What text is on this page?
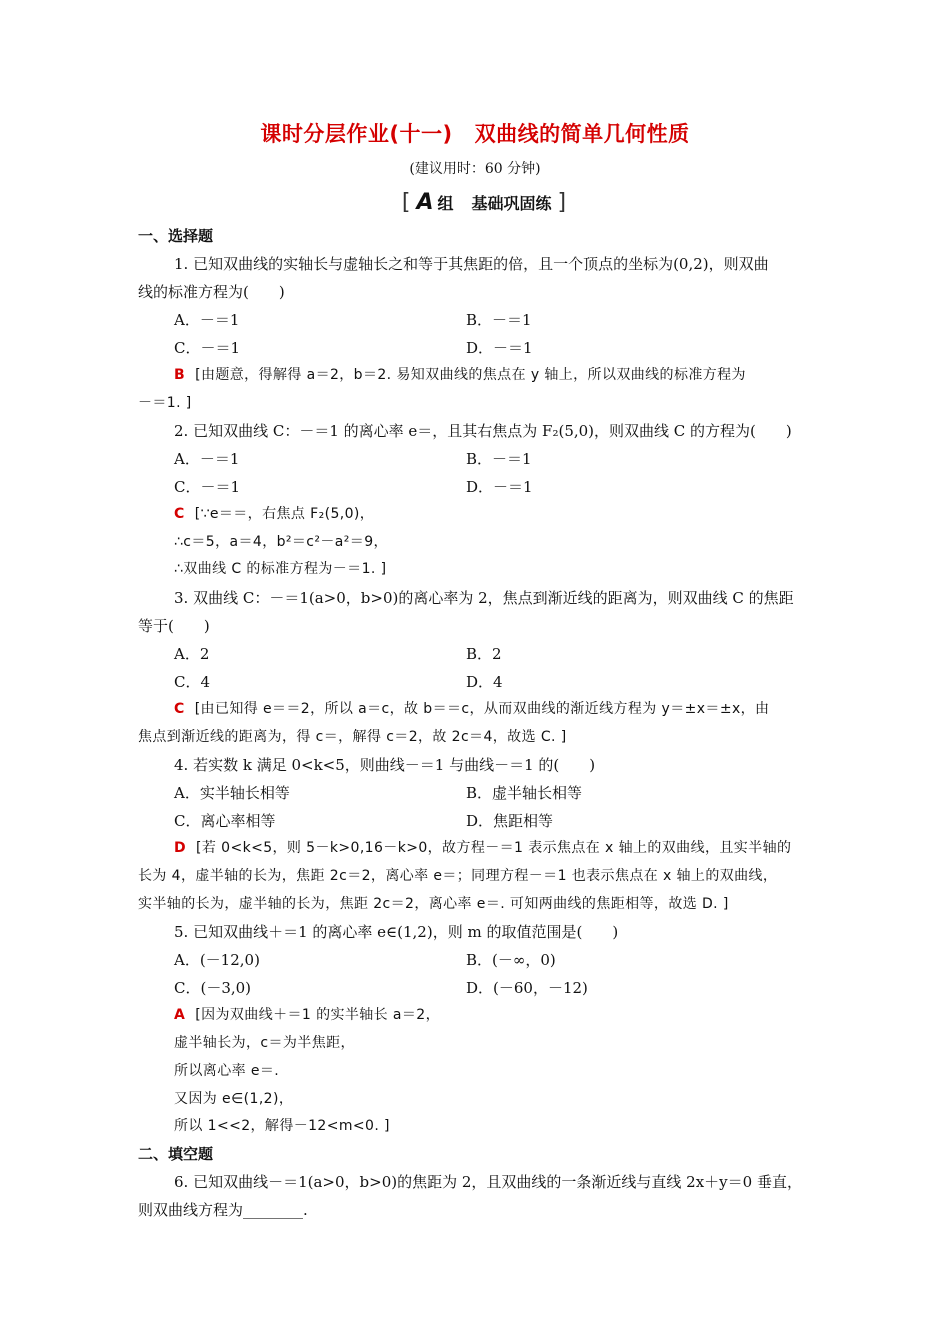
课时分层作业(十一) 双曲线的简单几何性质
(建议用时：60 分钟)
[ A 组 基础巩固练 ]
一、选择题
1. 已知双曲线的实轴长与虚轴长之和等于其焦距的倍，且一个顶点的坐标为(0,2)，则双曲
线的标准方程为(　　)
A．－＝1	B．－＝1
C．－＝1	D．－＝1
B [由题意，得解得 a＝2，b＝2. 易知双曲线的焦点在 y 轴上，所以双曲线的标准方程为
－＝1. ]
2. 已知双曲线 C：－＝1 的离心率 e＝，且其右焦点为 F₂(5,0)，则双曲线 C 的方程为(　　)
A．－＝1	B．－＝1
C．－＝1	D．－＝1
C [∵e＝＝，右焦点 F₂(5,0)，
∴c＝5，a＝4，b²＝c²－a²＝9，
∴双曲线 C 的标准方程为－＝1. ]
3. 双曲线 C：－＝1(a>0，b>0)的离心率为 2，焦点到渐近线的距离为，则双曲线 C 的焦距
等于(　　)
A．2	B．2
C．4	D．4
C [由已知得 e＝＝2，所以 a＝c，故 b＝＝c，从而双曲线的渐近线方程为 y＝±x＝±x，由
焦点到渐近线的距离为，得 c＝，解得 c＝2，故 2c＝4，故选 C. ]
4. 若实数 k 满足 0<k<5，则曲线－＝1 与曲线－＝1 的(　　)
A．实半轴长相等	B．虚半轴长相等
C．离心率相等	D．焦距相等
D [若 0<k<5，则 5－k>0,16－k>0，故方程－＝1 表示焦点在 x 轴上的双曲线，且实半轴的
长为 4，虚半轴的长为，焦距 2c＝2，离心率 e＝；同理方程－＝1 也表示焦点在 x 轴上的双曲线，
实半轴的长为，虚半轴的长为，焦距 2c＝2，离心率 e＝. 可知两曲线的焦距相等，故选 D. ]
5. 已知双曲线＋＝1 的离心率 e∈(1,2)，则 m 的取值范围是(　　)
A．(－12,0)	B．(－∞，0)
C．(－3,0)	D．(－60，－12)
A [因为双曲线＋＝1 的实半轴长 a＝2，
虚半轴长为，c＝为半焦距，
所以离心率 e＝.
又因为 e∈(1,2)，
所以 1<<2，解得－12<m<0. ]
二、填空题
6. 已知双曲线－＝1(a>0，b>0)的焦距为 2，且双曲线的一条渐近线与直线 2x＋y＝0 垂直，
则双曲线方程为________.
